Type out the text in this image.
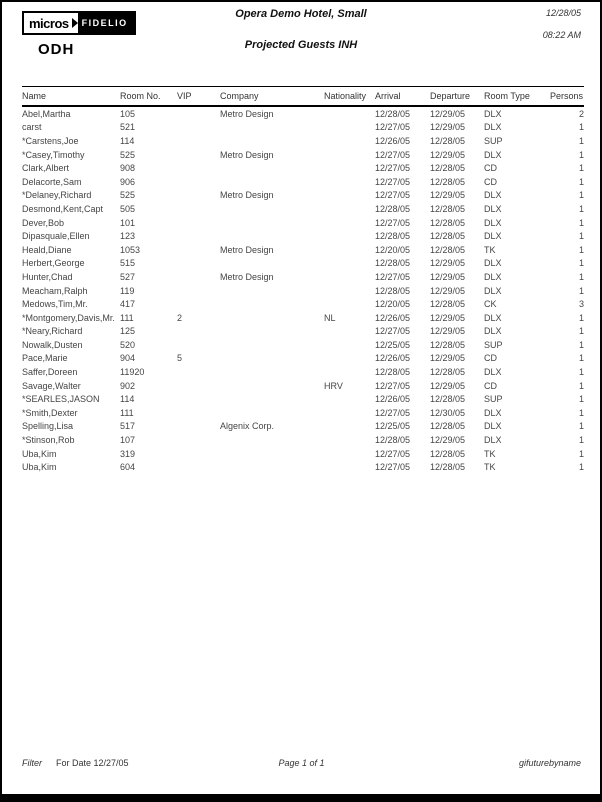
micros	FIDELIO
ODH
Opera Demo Hotel, Small
Projected Guests INH
12/28/05
08:22 AM
Name	Room No.	VIP	Company	Nationality	Arrival	Departure	Room Type	Persons
Abel,Martha	105		Metro Design		12/28/05	12/29/05	DLX	2
carst	521				12/27/05	12/29/05	DLX	1
*Carstens,Joe	114				12/26/05	12/28/05	SUP	1
*Casey,Timothy	525		Metro Design		12/27/05	12/29/05	DLX	1
Clark,Albert	908				12/27/05	12/28/05	CD	1
Delacorte,Sam	906				12/27/05	12/28/05	CD	1
*Delaney,Richard	525		Metro Design		12/27/05	12/29/05	DLX	1
Desmond,Kent,Capt	505				12/28/05	12/28/05	DLX	1
Dever,Bob	101				12/27/05	12/28/05	DLX	1
Dipasquale,Ellen	123				12/28/05	12/28/05	DLX	1
Heald,Diane	1053		Metro Design		12/20/05	12/28/05	TK	1
Herbert,George	515				12/28/05	12/29/05	DLX	1
Hunter,Chad	527		Metro Design		12/27/05	12/29/05	DLX	1
Meacham,Ralph	119				12/28/05	12/29/05	DLX	1
Medows,Tim,Mr.	417				12/20/05	12/28/05	CK	3
*Montgomery,Davis,Mr.	111	2		NL	12/26/05	12/29/05	DLX	1
*Neary,Richard	125				12/27/05	12/29/05	DLX	1
Nowalk,Dusten	520				12/25/05	12/28/05	SUP	1
Pace,Marie	904	5			12/26/05	12/29/05	CD	1
Saffer,Doreen	11920				12/28/05	12/28/05	DLX	1
Savage,Walter	902			HRV	12/27/05	12/29/05	CD	1
*SEARLES,JASON	114				12/26/05	12/28/05	SUP	1
*Smith,Dexter	111				12/27/05	12/30/05	DLX	1
Spelling,Lisa	517		Algenix Corp.		12/25/05	12/28/05	DLX	1
*Stinson,Rob	107				12/28/05	12/29/05	DLX	1
Uba,Kim	319				12/27/05	12/28/05	TK	1
Uba,Kim	604				12/27/05	12/28/05	TK	1
Filter For Date 12/27/05	Page 1 of 1	gifuturebyname
